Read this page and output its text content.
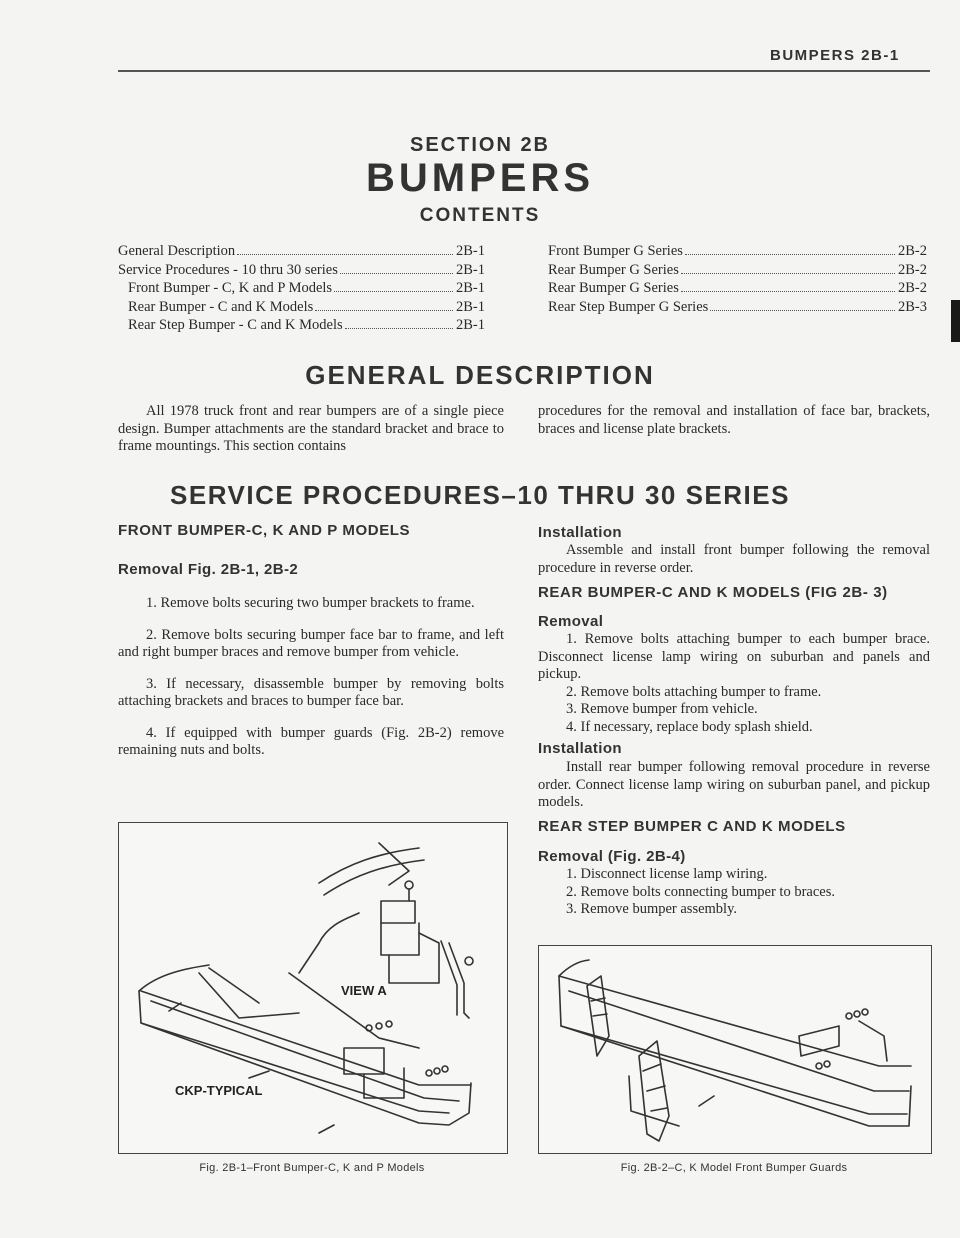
BUMPERS 2B-1
SECTION 2B
BUMPERS
CONTENTS
General Description	2B-1
Service Procedures - 10 thru 30 series	2B-1
Front Bumper - C, K and P Models	2B-1
Rear Bumper - C and K Models	2B-1
Rear Step Bumper - C and K Models	2B-1
Front Bumper G Series	2B-2
Rear Bumper G Series	2B-2
Rear Bumper G Series	2B-2
Rear Step Bumper G Series	2B-3
GENERAL DESCRIPTION
All 1978 truck front and rear bumpers are of a single piece design. Bumper attachments are the standard bracket and brace to frame mountings. This section contains
procedures for the removal and installation of face bar, brackets, braces and license plate brackets.
SERVICE PROCEDURES–10 THRU 30 SERIES
FRONT BUMPER-C, K AND P MODELS
Removal Fig. 2B-1, 2B-2
1. Remove bolts securing two bumper brackets to frame.
2. Remove bolts securing bumper face bar to frame, and left and right bumper braces and remove bumper from vehicle.
3. If necessary, disassemble bumper by removing bolts attaching brackets and braces to bumper face bar.
4. If equipped with bumper guards (Fig. 2B-2) remove remaining nuts and bolts.
Installation
Assemble and install front bumper following the removal procedure in reverse order.
REAR BUMPER-C AND K MODELS (FIG 2B- 3)
Removal
1. Remove bolts attaching bumper to each bumper brace. Disconnect license lamp wiring on suburban and panels and pickup.
2. Remove bolts attaching bumper to frame.
3. Remove bumper from vehicle.
4. If necessary, replace body splash shield.
Installation
Install rear bumper following removal procedure in reverse order. Connect license lamp wiring on suburban panel, and pickup models.
REAR STEP BUMPER C AND K MODELS
Removal (Fig. 2B-4)
1. Disconnect license lamp wiring.
2. Remove bolts connecting bumper to braces.
3. Remove bumper assembly.
VIEW A
CKP-TYPICAL
Fig. 2B-1–Front Bumper-C, K and P Models	Fig. 2B-2–C, K Model Front Bumper Guards
